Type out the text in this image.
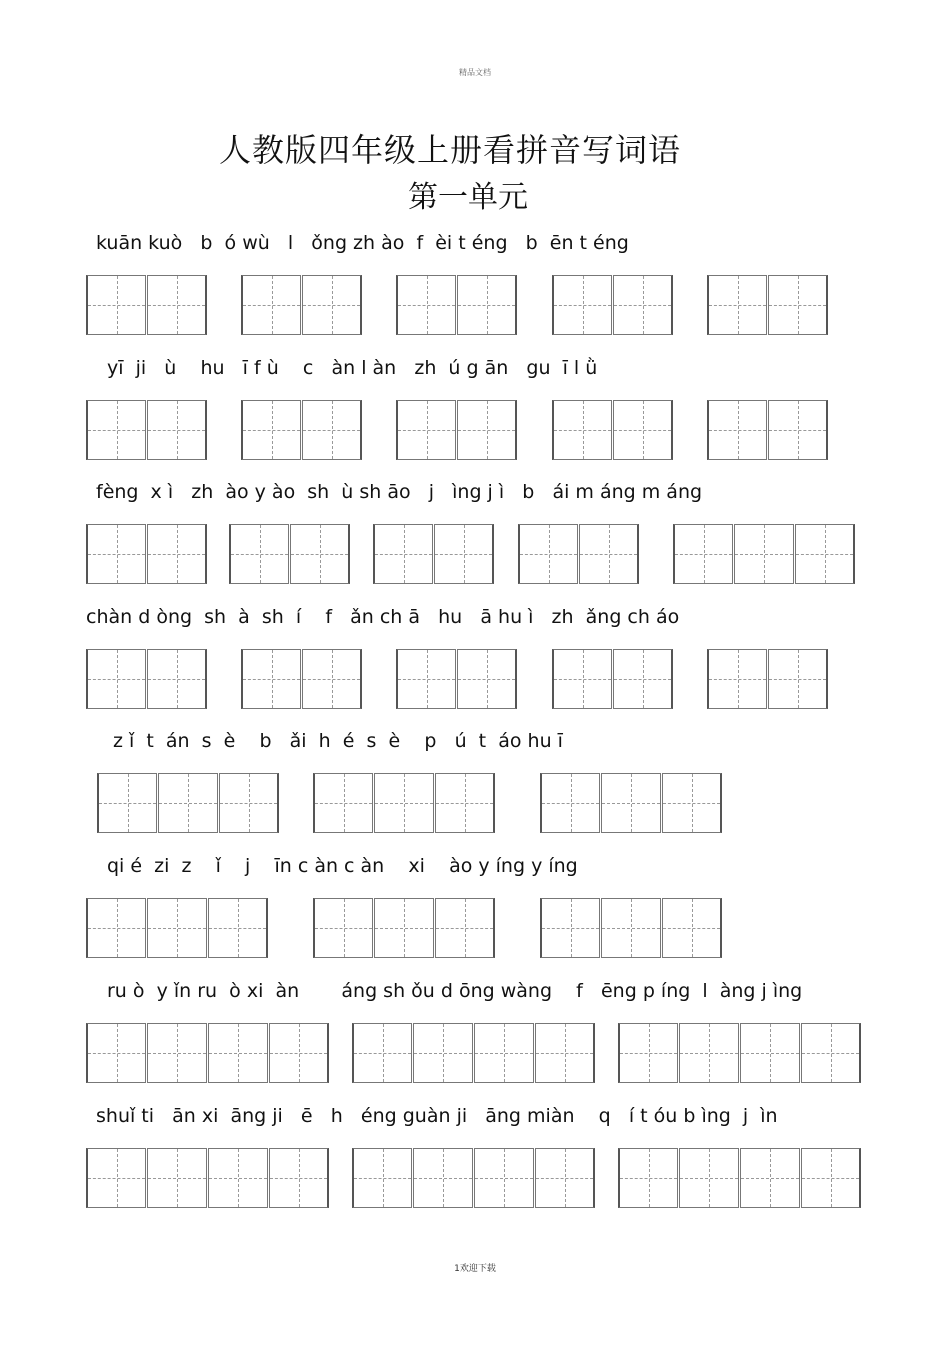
精品文档
人教版四年级上册看拼音写词语
第一单元
kuān kuò   b  ó wù   l   ǒng zh ào  f  èi t éng   b  ēn t éng
yī  ji   ù    hu   ī f ù    c   àn l àn   zh  ú g ān   gu  ī l ǜ
fèng  x ì   zh  ào y ào  sh  ù sh āo   j   ìng j ì   b   ái m áng m áng
chàn d òng  sh  à  sh  í    f   ǎn ch ā   hu   ā hu ì   zh  ǎng ch áo
z ǐ  t  án  s  è    b   ǎi  h  é  s  è    p   ú  t  áo hu ī
qi é  zi  z    ǐ    j    īn c àn c àn    xi    ào y íng y íng
ru ò  y ǐn ru  ò xi  àn       áng sh ǒu d ōng wàng    f   ēng p íng  l  àng j ìng
shuǐ ti   ān xi  āng ji   ē   h   éng guàn ji   āng miàn    q   í t óu b ìng  j  ìn
1欢迎下载
